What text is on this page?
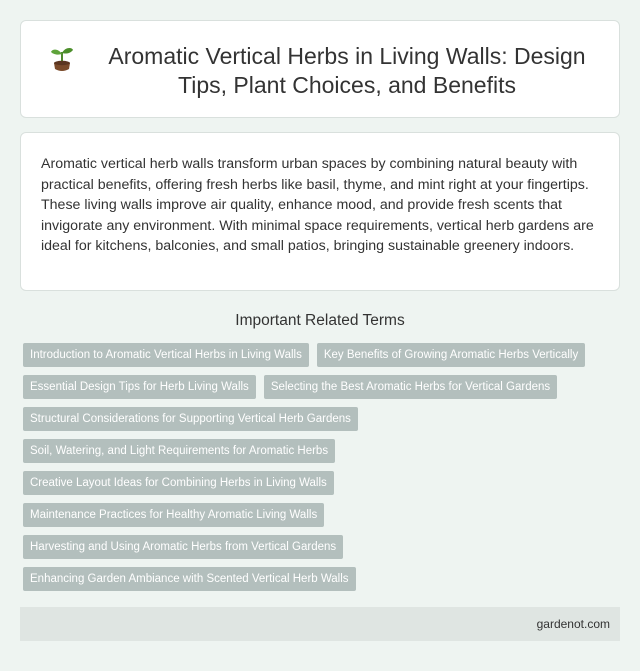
Aromatic Vertical Herbs in Living Walls: Design Tips, Plant Choices, and Benefits

Aromatic vertical herb walls transform urban spaces by combining natural beauty with practical benefits, offering fresh herbs like basil, thyme, and mint right at your fingertips. These living walls improve air quality, enhance mood, and provide fresh scents that invigorate any environment. With minimal space requirements, vertical herb gardens are ideal for kitchens, balconies, and small patios, bringing sustainable greenery indoors.

Important Related Terms
Introduction to Aromatic Vertical Herbs in Living Walls	Key Benefits of Growing Aromatic Herbs Vertically
Essential Design Tips for Herb Living Walls	Selecting the Best Aromatic Herbs for Vertical Gardens
Structural Considerations for Supporting Vertical Herb Gardens
Soil, Watering, and Light Requirements for Aromatic Herbs
Creative Layout Ideas for Combining Herbs in Living Walls
Maintenance Practices for Healthy Aromatic Living Walls
Harvesting and Using Aromatic Herbs from Vertical Gardens
Enhancing Garden Ambiance with Scented Vertical Herb Walls
gardenot.com
